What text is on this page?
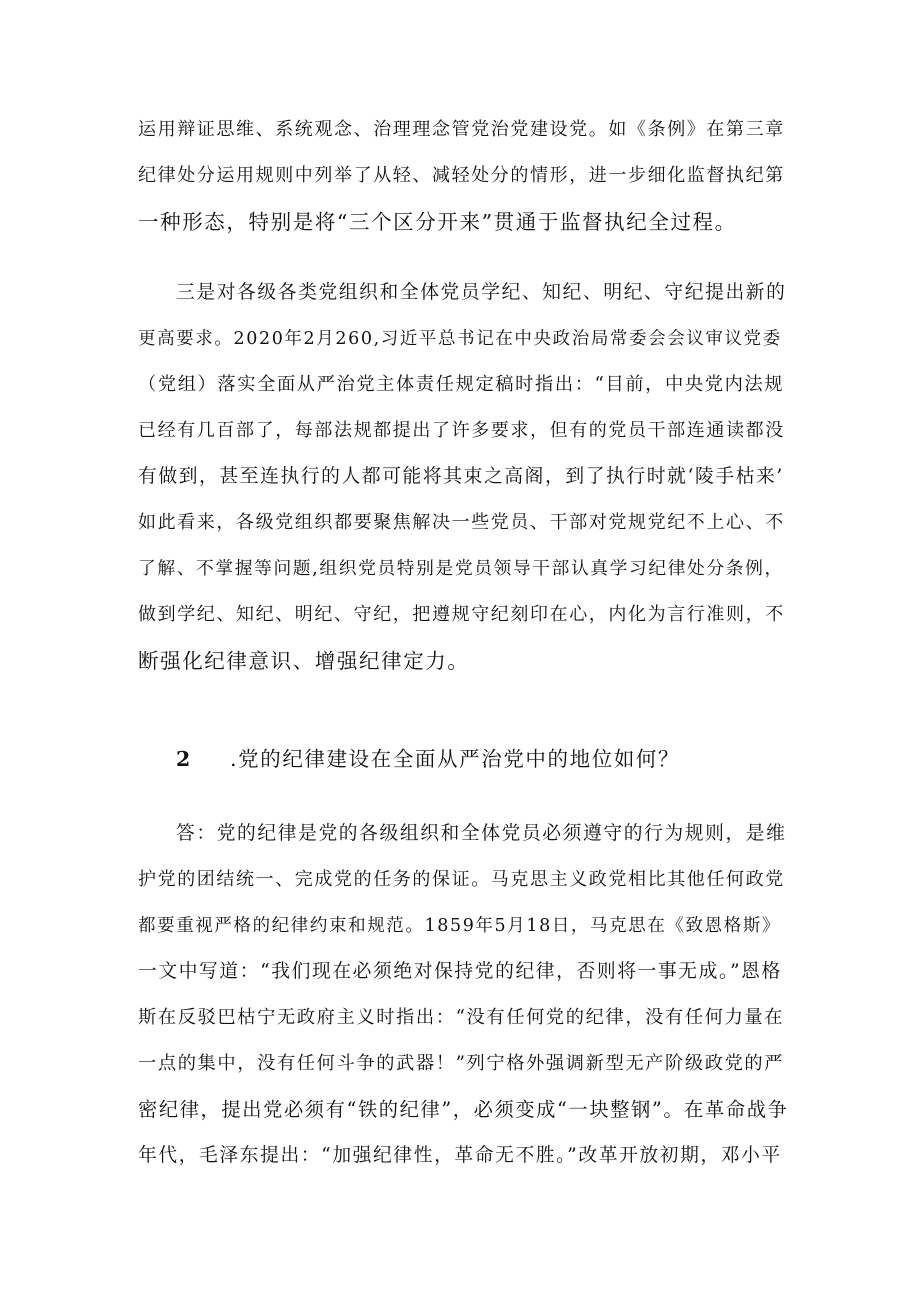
运用辩证思维、系统观念、治理理念管党治党建设党。如《条例》在第三章
纪律处分运用规则中列举了从轻、减轻处分的情形，进一步细化监督执纪第
一种形态，特别是将“三个区分开来”贯通于监督执纪全过程。
三是对各级各类党组织和全体党员学纪、知纪、明纪、守纪提出新的
更高要求。2020年2月260,习近平总书记在中央政治局常委会会议审议党委
（党组）落实全面从严治党主体责任规定稿时指出：“目前，中央党内法规
已经有几百部了，每部法规都提出了许多要求，但有的党员干部连通读都没
有做到，甚至连执行的人都可能将其束之高阁，到了执行时就‘陵手枯来’
如此看来，各级党组织都要聚焦解决一些党员、干部对党规党纪不上心、不
了解、不掌握等问题,组织党员特别是党员领导干部认真学习纪律处分条例，
做到学纪、知纪、明纪、守纪，把遵规守纪刻印在心，内化为言行准则，不
断强化纪律意识、增强纪律定力。
2 .党的纪律建设在全面从严治党中的地位如何？
答：党的纪律是党的各级组织和全体党员必须遵守的行为规则，是维
护党的团结统一、完成党的任务的保证。马克思主义政党相比其他任何政党
都要重视严格的纪律约束和规范。1859年5月18日，马克思在《致恩格斯》
一文中写道：“我们现在必须绝对保持党的纪律，否则将一事无成。”恩格
斯在反驳巴枯宁无政府主义时指出：“没有任何党的纪律，没有任何力量在
一点的集中，没有任何斗争的武器！”列宁格外强调新型无产阶级政党的严
密纪律，提出党必须有“铁的纪律”，必须变成“一块整钢”。在革命战争
年代，毛泽东提出：“加强纪律性，革命无不胜。”改革开放初期，邓小平
